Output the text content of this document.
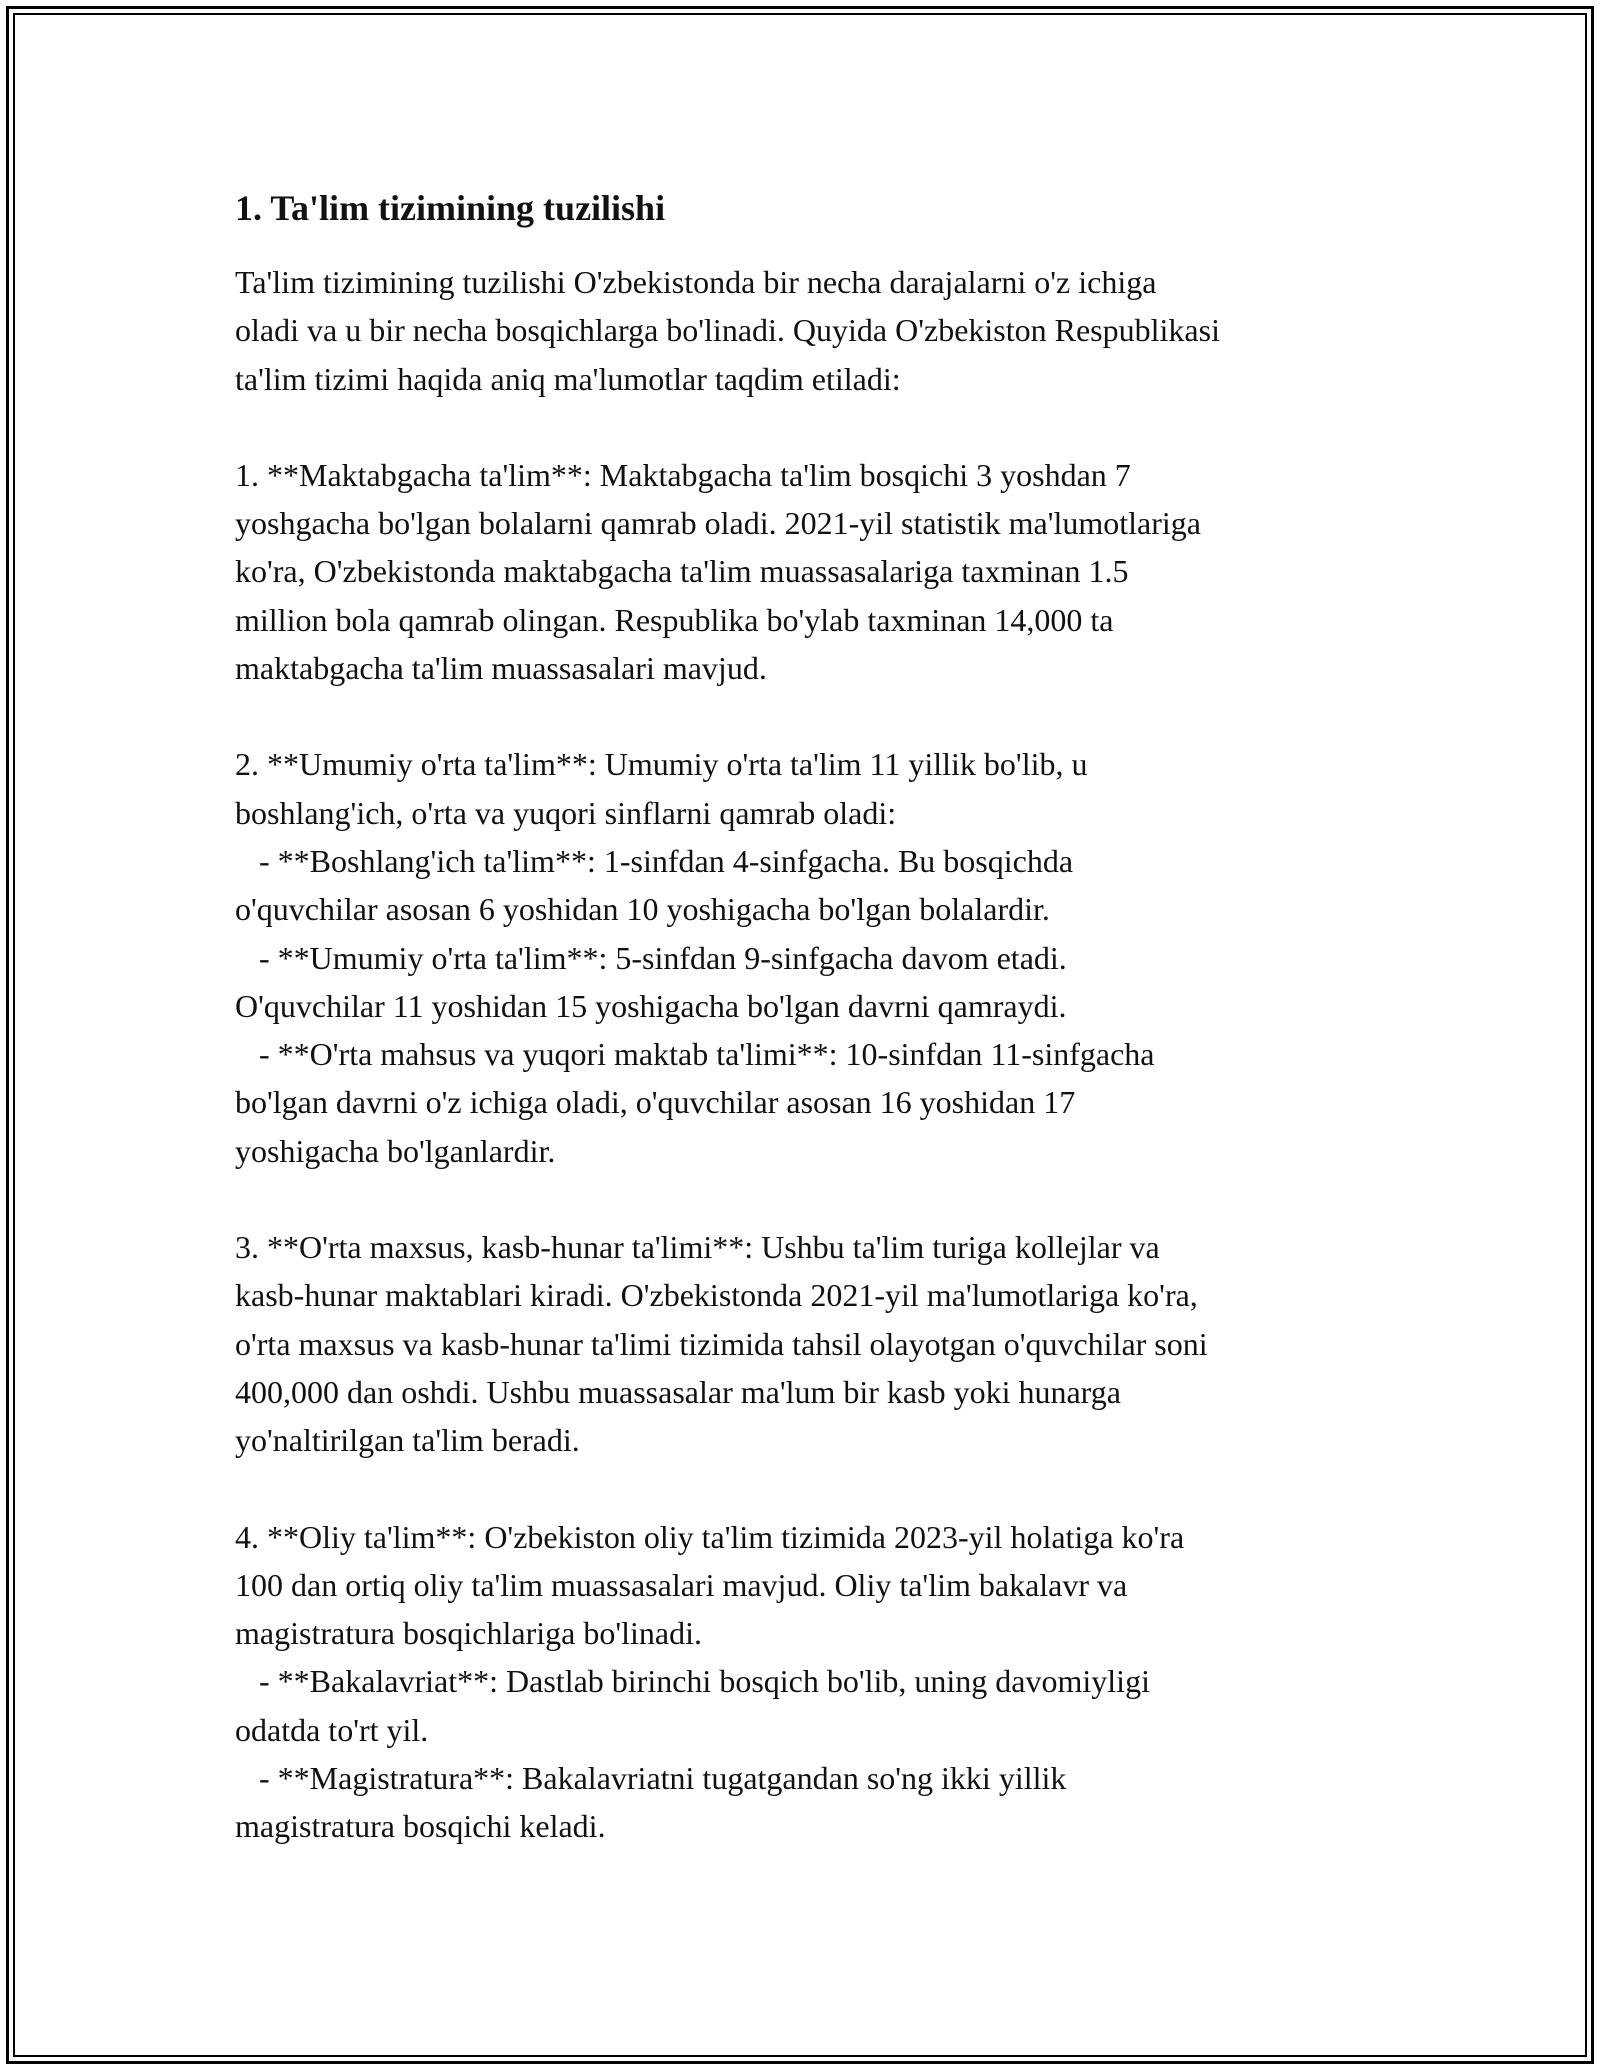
1. Ta'lim tizimining tuzilishi

Ta'lim tizimining tuzilishi O'zbekistonda bir necha darajalarni o'z ichiga
oladi va u bir necha bosqichlarga bo'linadi. Quyida O'zbekiston Respublikasi
ta'lim tizimi haqida aniq ma'lumotlar taqdim etiladi:

1. **Maktabgacha ta'lim**: Maktabgacha ta'lim bosqichi 3 yoshdan 7
yoshgacha bo'lgan bolalarni qamrab oladi. 2021-yil statistik ma'lumotlariga
ko'ra, O'zbekistonda maktabgacha ta'lim muassasalariga taxminan 1.5
million bola qamrab olingan. Respublika bo'ylab taxminan 14,000 ta
maktabgacha ta'lim muassasalari mavjud.

2. **Umumiy o'rta ta'lim**: Umumiy o'rta ta'lim 11 yillik bo'lib, u
boshlang'ich, o'rta va yuqori sinflarni qamrab oladi:
- **Boshlang'ich ta'lim**: 1-sinfdan 4-sinfgacha. Bu bosqichda
o'quvchilar asosan 6 yoshidan 10 yoshigacha bo'lgan bolalardir.
- **Umumiy o'rta ta'lim**: 5-sinfdan 9-sinfgacha davom etadi.
O'quvchilar 11 yoshidan 15 yoshigacha bo'lgan davrni qamraydi.
- **O'rta mahsus va yuqori maktab ta'limi**: 10-sinfdan 11-sinfgacha
bo'lgan davrni o'z ichiga oladi, o'quvchilar asosan 16 yoshidan 17
yoshigacha bo'lganlardir.

3. **O'rta maxsus, kasb-hunar ta'limi**: Ushbu ta'lim turiga kollejlar va
kasb-hunar maktablari kiradi. O'zbekistonda 2021-yil ma'lumotlariga ko'ra,
o'rta maxsus va kasb-hunar ta'limi tizimida tahsil olayotgan o'quvchilar soni
400,000 dan oshdi. Ushbu muassasalar ma'lum bir kasb yoki hunarga
yo'naltirilgan ta'lim beradi.

4. **Oliy ta'lim**: O'zbekiston oliy ta'lim tizimida 2023-yil holatiga ko'ra
100 dan ortiq oliy ta'lim muassasalari mavjud. Oliy ta'lim bakalavr va
magistratura bosqichlariga bo'linadi.
- **Bakalavriat**: Dastlab birinchi bosqich bo'lib, uning davomiyligi
odatda to'rt yil.
- **Magistratura**: Bakalavriatni tugatgandan so'ng ikki yillik
magistratura bosqichi keladi.
